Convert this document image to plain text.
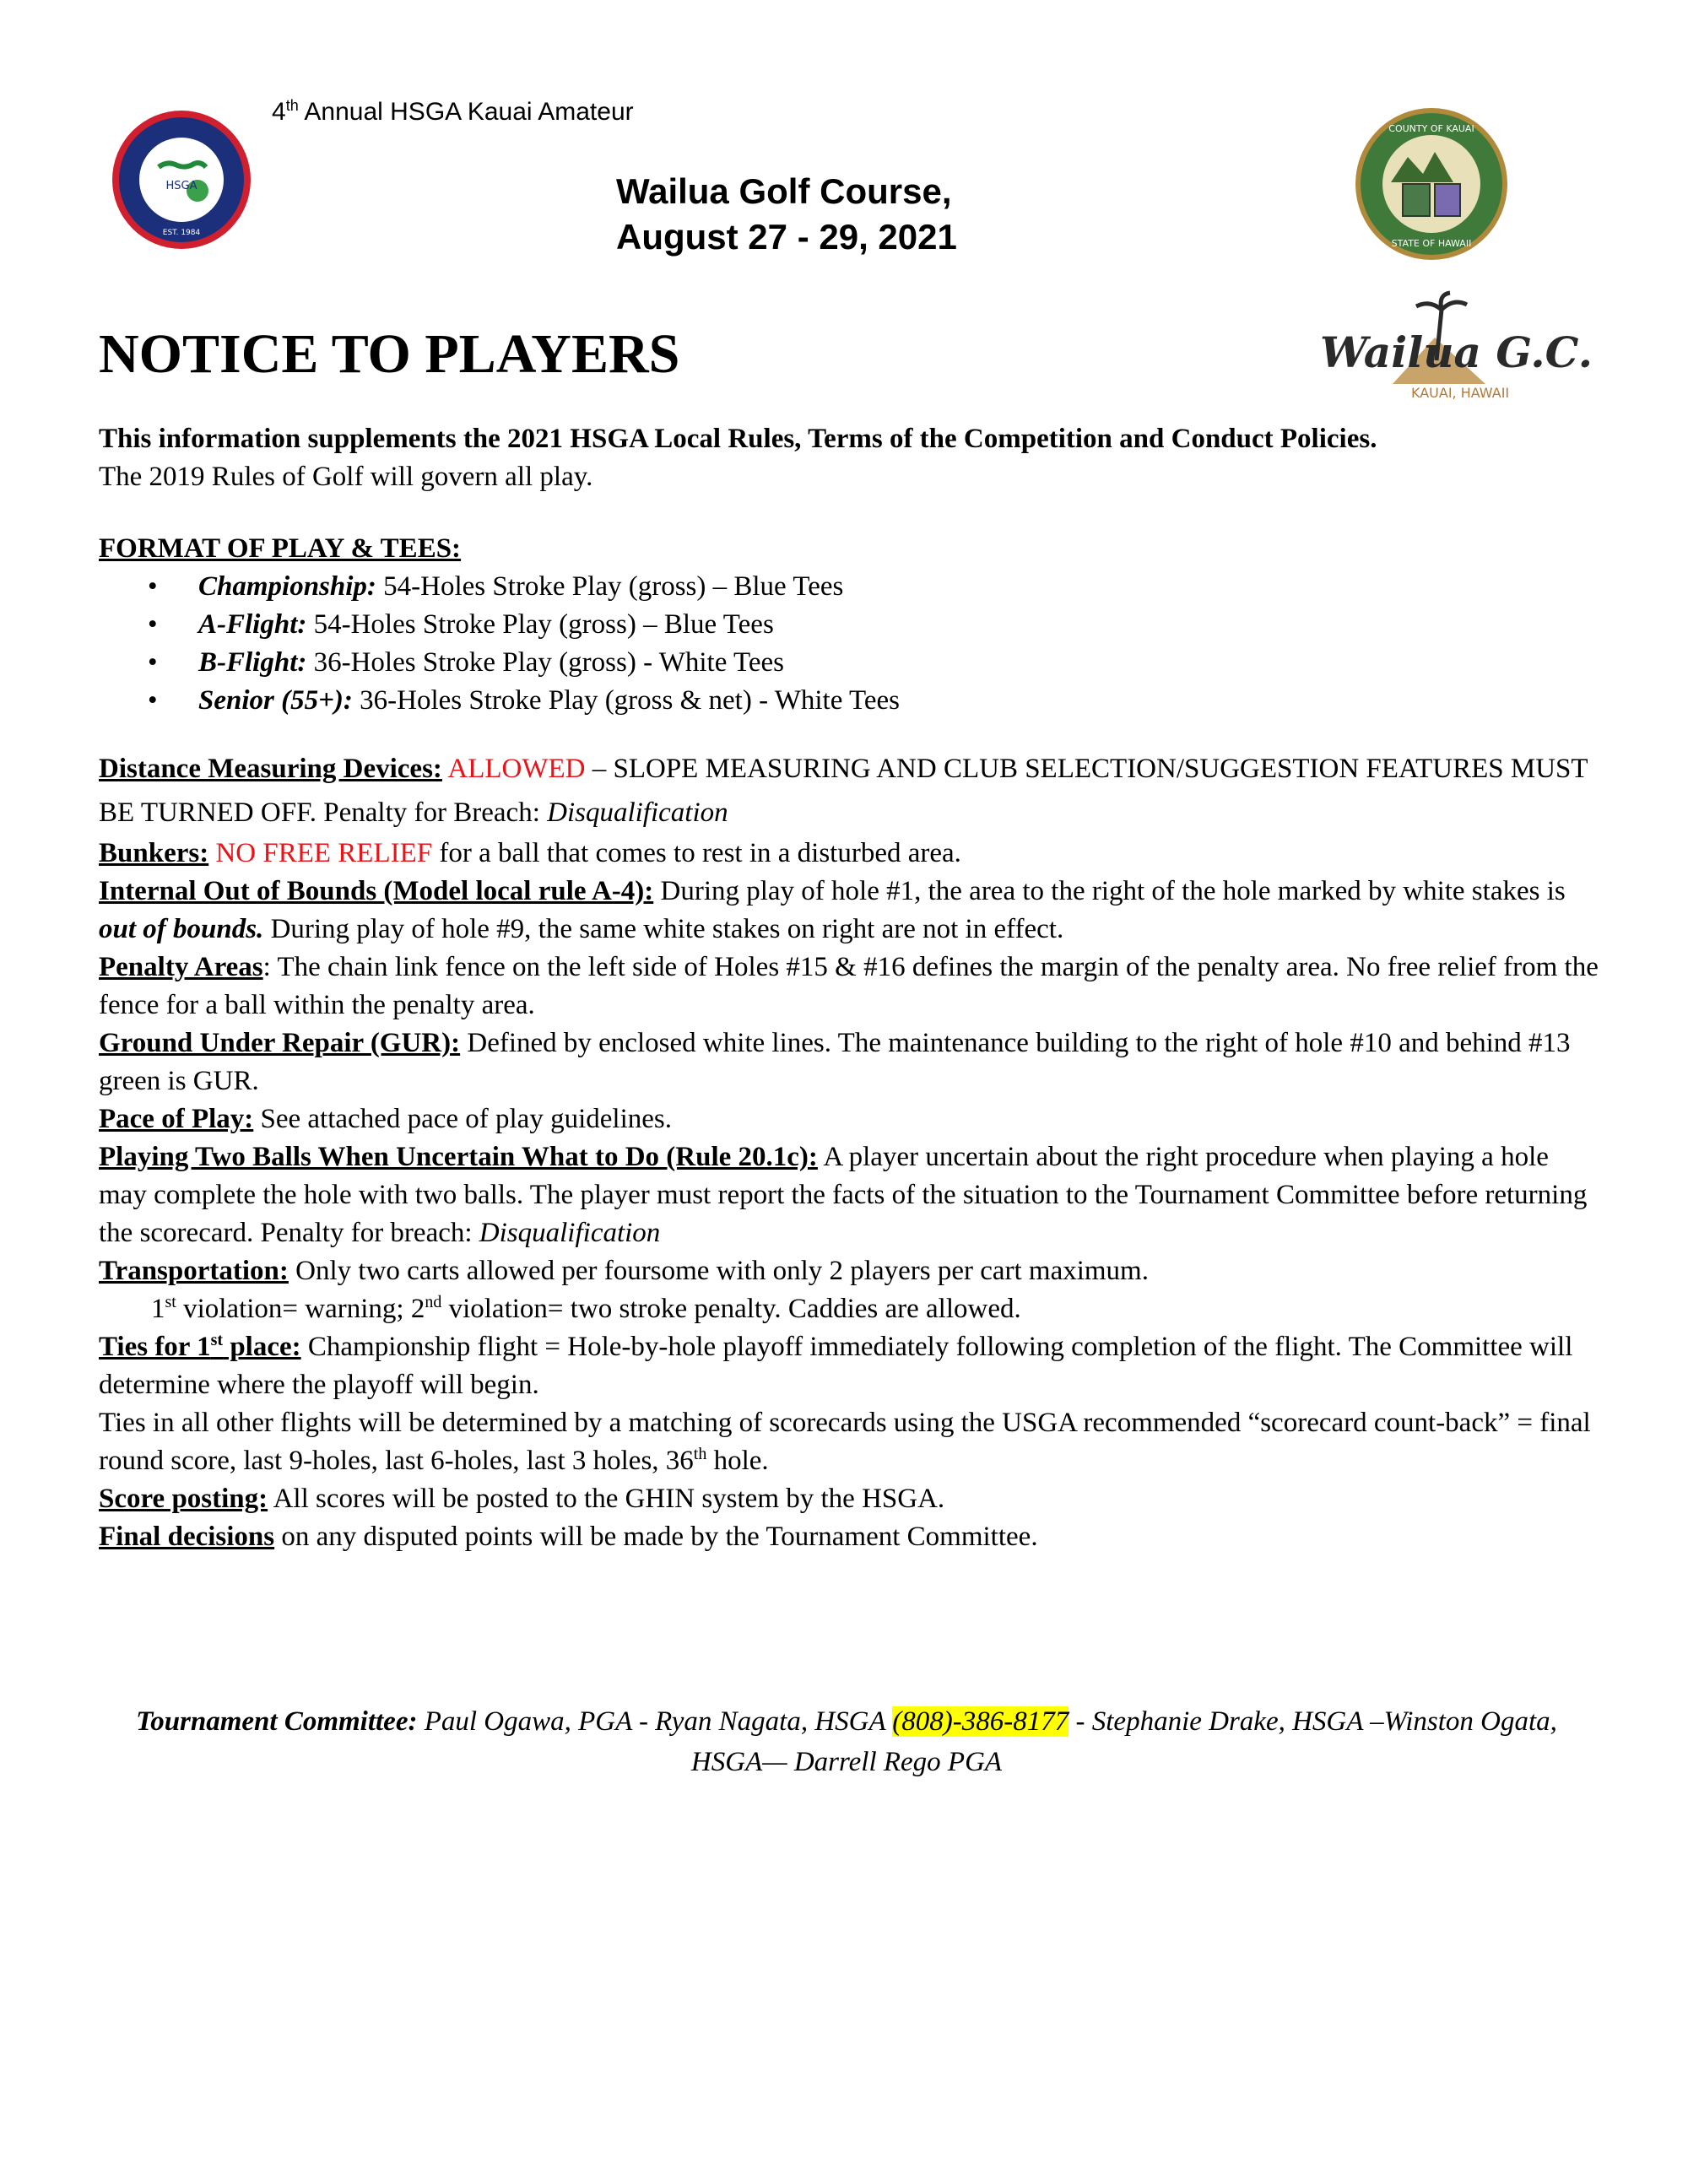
4th Annual HSGA Kauai Amateur
HSGA
EST. 1984
Wailua Golf Course,
August 27 - 29, 2021
COUNTY OF KAUAI
STATE OF HAWAII
NOTICE TO PLAYERS	Wailua G.C.
KAUAI, HAWAII

This information supplements the 2021 HSGA Local Rules, Terms of the Competition and Conduct Policies.

The 2019 Rules of Golf will govern all play.

FORMAT OF PLAY & TEES:

• Championship: 54-Holes Stroke Play (gross) – Blue Tees
• A-Flight: 54-Holes Stroke Play (gross) – Blue Tees
• B-Flight: 36-Holes Stroke Play (gross) - White Tees
• Senior (55+): 36-Holes Stroke Play (gross & net) - White Tees

Distance Measuring Devices: ALLOWED – SLOPE MEASURING AND CLUB SELECTION/SUGGESTION FEATURES MUST BE TURNED OFF. Penalty for Breach: Disqualification

Bunkers: NO FREE RELIEF for a ball that comes to rest in a disturbed area.

Internal Out of Bounds (Model local rule A-4): During play of hole #1, the area to the right of the hole marked by white stakes is out of bounds. During play of hole #9, the same white stakes on right are not in effect.

Penalty Areas: The chain link fence on the left side of Holes #15 & #16 defines the margin of the penalty area. No free relief from the fence for a ball within the penalty area.

Ground Under Repair (GUR): Defined by enclosed white lines. The maintenance building to the right of hole #10 and behind #13 green is GUR.

Pace of Play: See attached pace of play guidelines.

Playing Two Balls When Uncertain What to Do (Rule 20.1c): A player uncertain about the right procedure when playing a hole may complete the hole with two balls. The player must report the facts of the situation to the Tournament Committee before returning the scorecard. Penalty for breach: Disqualification

Transportation: Only two carts allowed per foursome with only 2 players per cart maximum.

1st violation= warning; 2nd violation= two stroke penalty. Caddies are allowed.

Ties for 1st place: Championship flight = Hole-by-hole playoff immediately following completion of the flight. The Committee will determine where the playoff will begin.

Ties in all other flights will be determined by a matching of scorecards using the USGA recommended “scorecard count-back” = final round score, last 9-holes, last 6-holes, last 3 holes, 36th hole.

Score posting: All scores will be posted to the GHIN system by the HSGA.

Final decisions on any disputed points will be made by the Tournament Committee.

Tournament Committee: Paul Ogawa, PGA - Ryan Nagata, HSGA (808)-386-8177 - Stephanie Drake, HSGA –Winston Ogata, HSGA— Darrell Rego PGA
